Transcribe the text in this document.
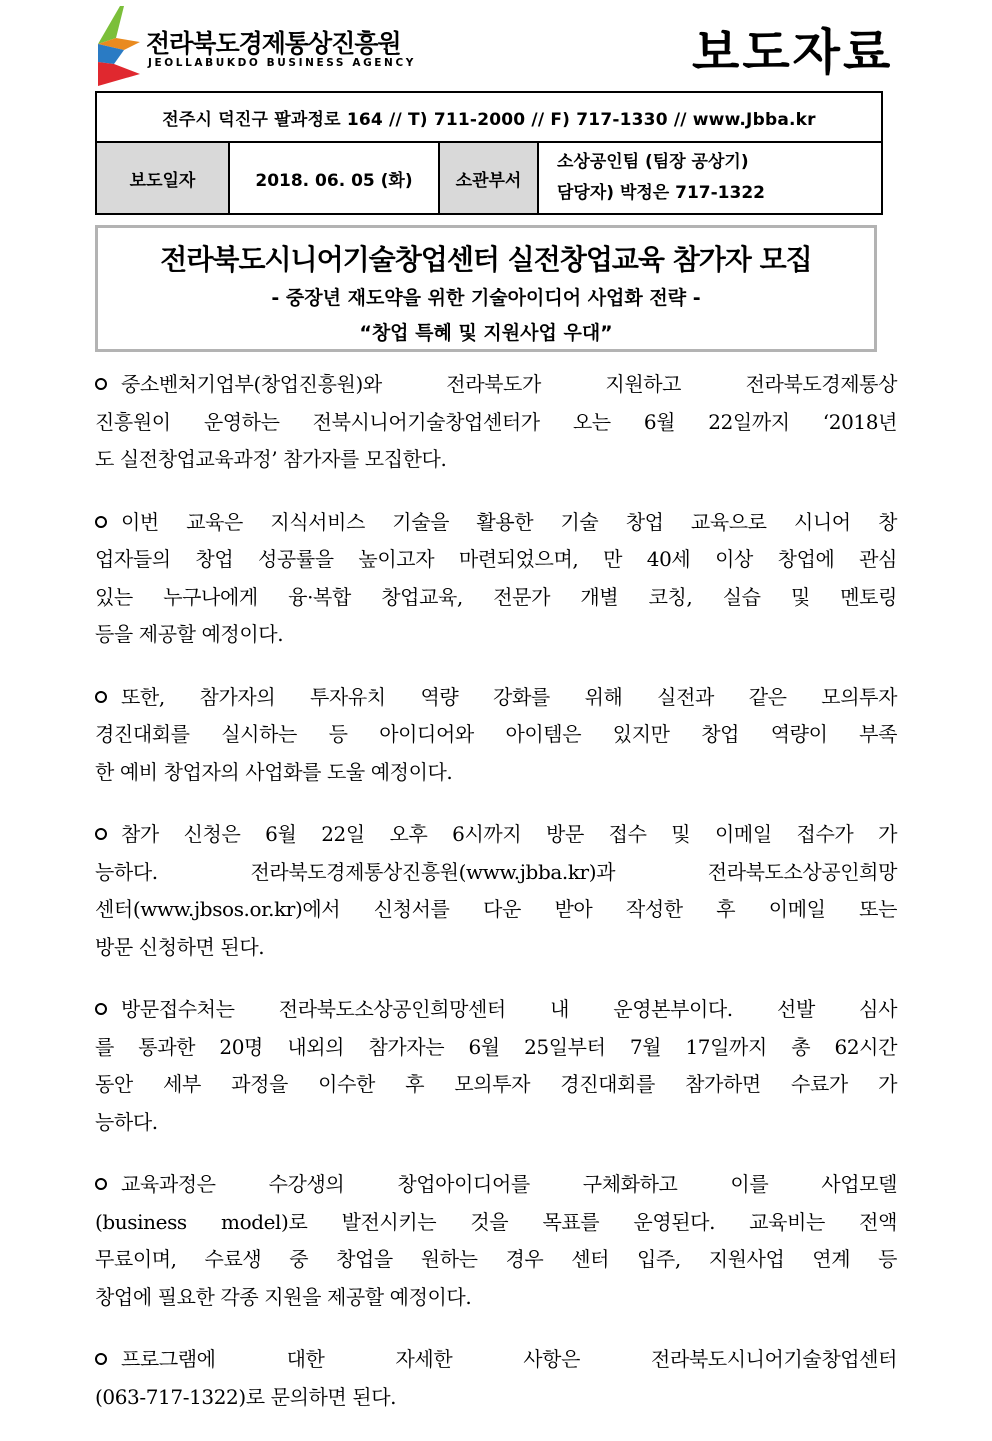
전라북도경제통상진흥원
JEOLLABUKDO BUSINESS AGENCY	보도자료
전주시 덕진구 팔과정로 164 // T) 711-2000 // F) 717-1330 // www.Jbba.kr
보도일자	2018. 06. 05 (화)	소관부서	
소상공인팀 (팀장 공상기)
담당자) 박정은 717-1322
전라북도시니어기술창업센터 실전창업교육 참가자 모집
- 중장년 재도약을 위한 기술아이디어 사업화 전략 -
“창업 특혜 및 지원사업 우대”

중소벤처기업부(창업진흥원)와 전라북도가 지원하고 전라북도경제통상
진흥원이 운영하는 전북시니어기술창업센터가 오는 6월 22일까지 ‘2018년
도 실전창업교육과정’ 참가자를 모집한다.

이번 교육은 지식서비스 기술을 활용한 기술 창업 교육으로 시니어 창
업자들의 창업 성공률을 높이고자 마련되었으며, 만 40세 이상 창업에 관심
있는 누구나에게 융·복합 창업교육, 전문가 개별 코칭, 실습 및 멘토링
등을 제공할 예정이다.

또한, 참가자의 투자유치 역량 강화를 위해 실전과 같은 모의투자
경진대회를 실시하는 등 아이디어와 아이템은 있지만 창업 역량이 부족
한 예비 창업자의 사업화를 도울 예정이다.

참가 신청은 6월 22일 오후 6시까지 방문 접수 및 이메일 접수가 가
능하다. 전라북도경제통상진흥원(www.jbba.kr)과 전라북도소상공인희망
센터(www.jbsos.or.kr)에서 신청서를 다운 받아 작성한 후 이메일 또는
방문 신청하면 된다.

방문접수처는 전라북도소상공인희망센터 내 운영본부이다. 선발 심사
를 통과한 20명 내외의 참가자는 6월 25일부터 7월 17일까지 총 62시간
동안 세부 과정을 이수한 후 모의투자 경진대회를 참가하면 수료가 가
능하다.

교육과정은 수강생의 창업아이디어를 구체화하고 이를 사업모델
(business model)로 발전시키는 것을 목표를 운영된다. 교육비는 전액
무료이며, 수료생 중 창업을 원하는 경우 센터 입주, 지원사업 연계 등
창업에 필요한 각종 지원을 제공할 예정이다.

프로그램에 대한 자세한 사항은 전라북도시니어기술창업센터
(063-717-1322)로 문의하면 된다.
